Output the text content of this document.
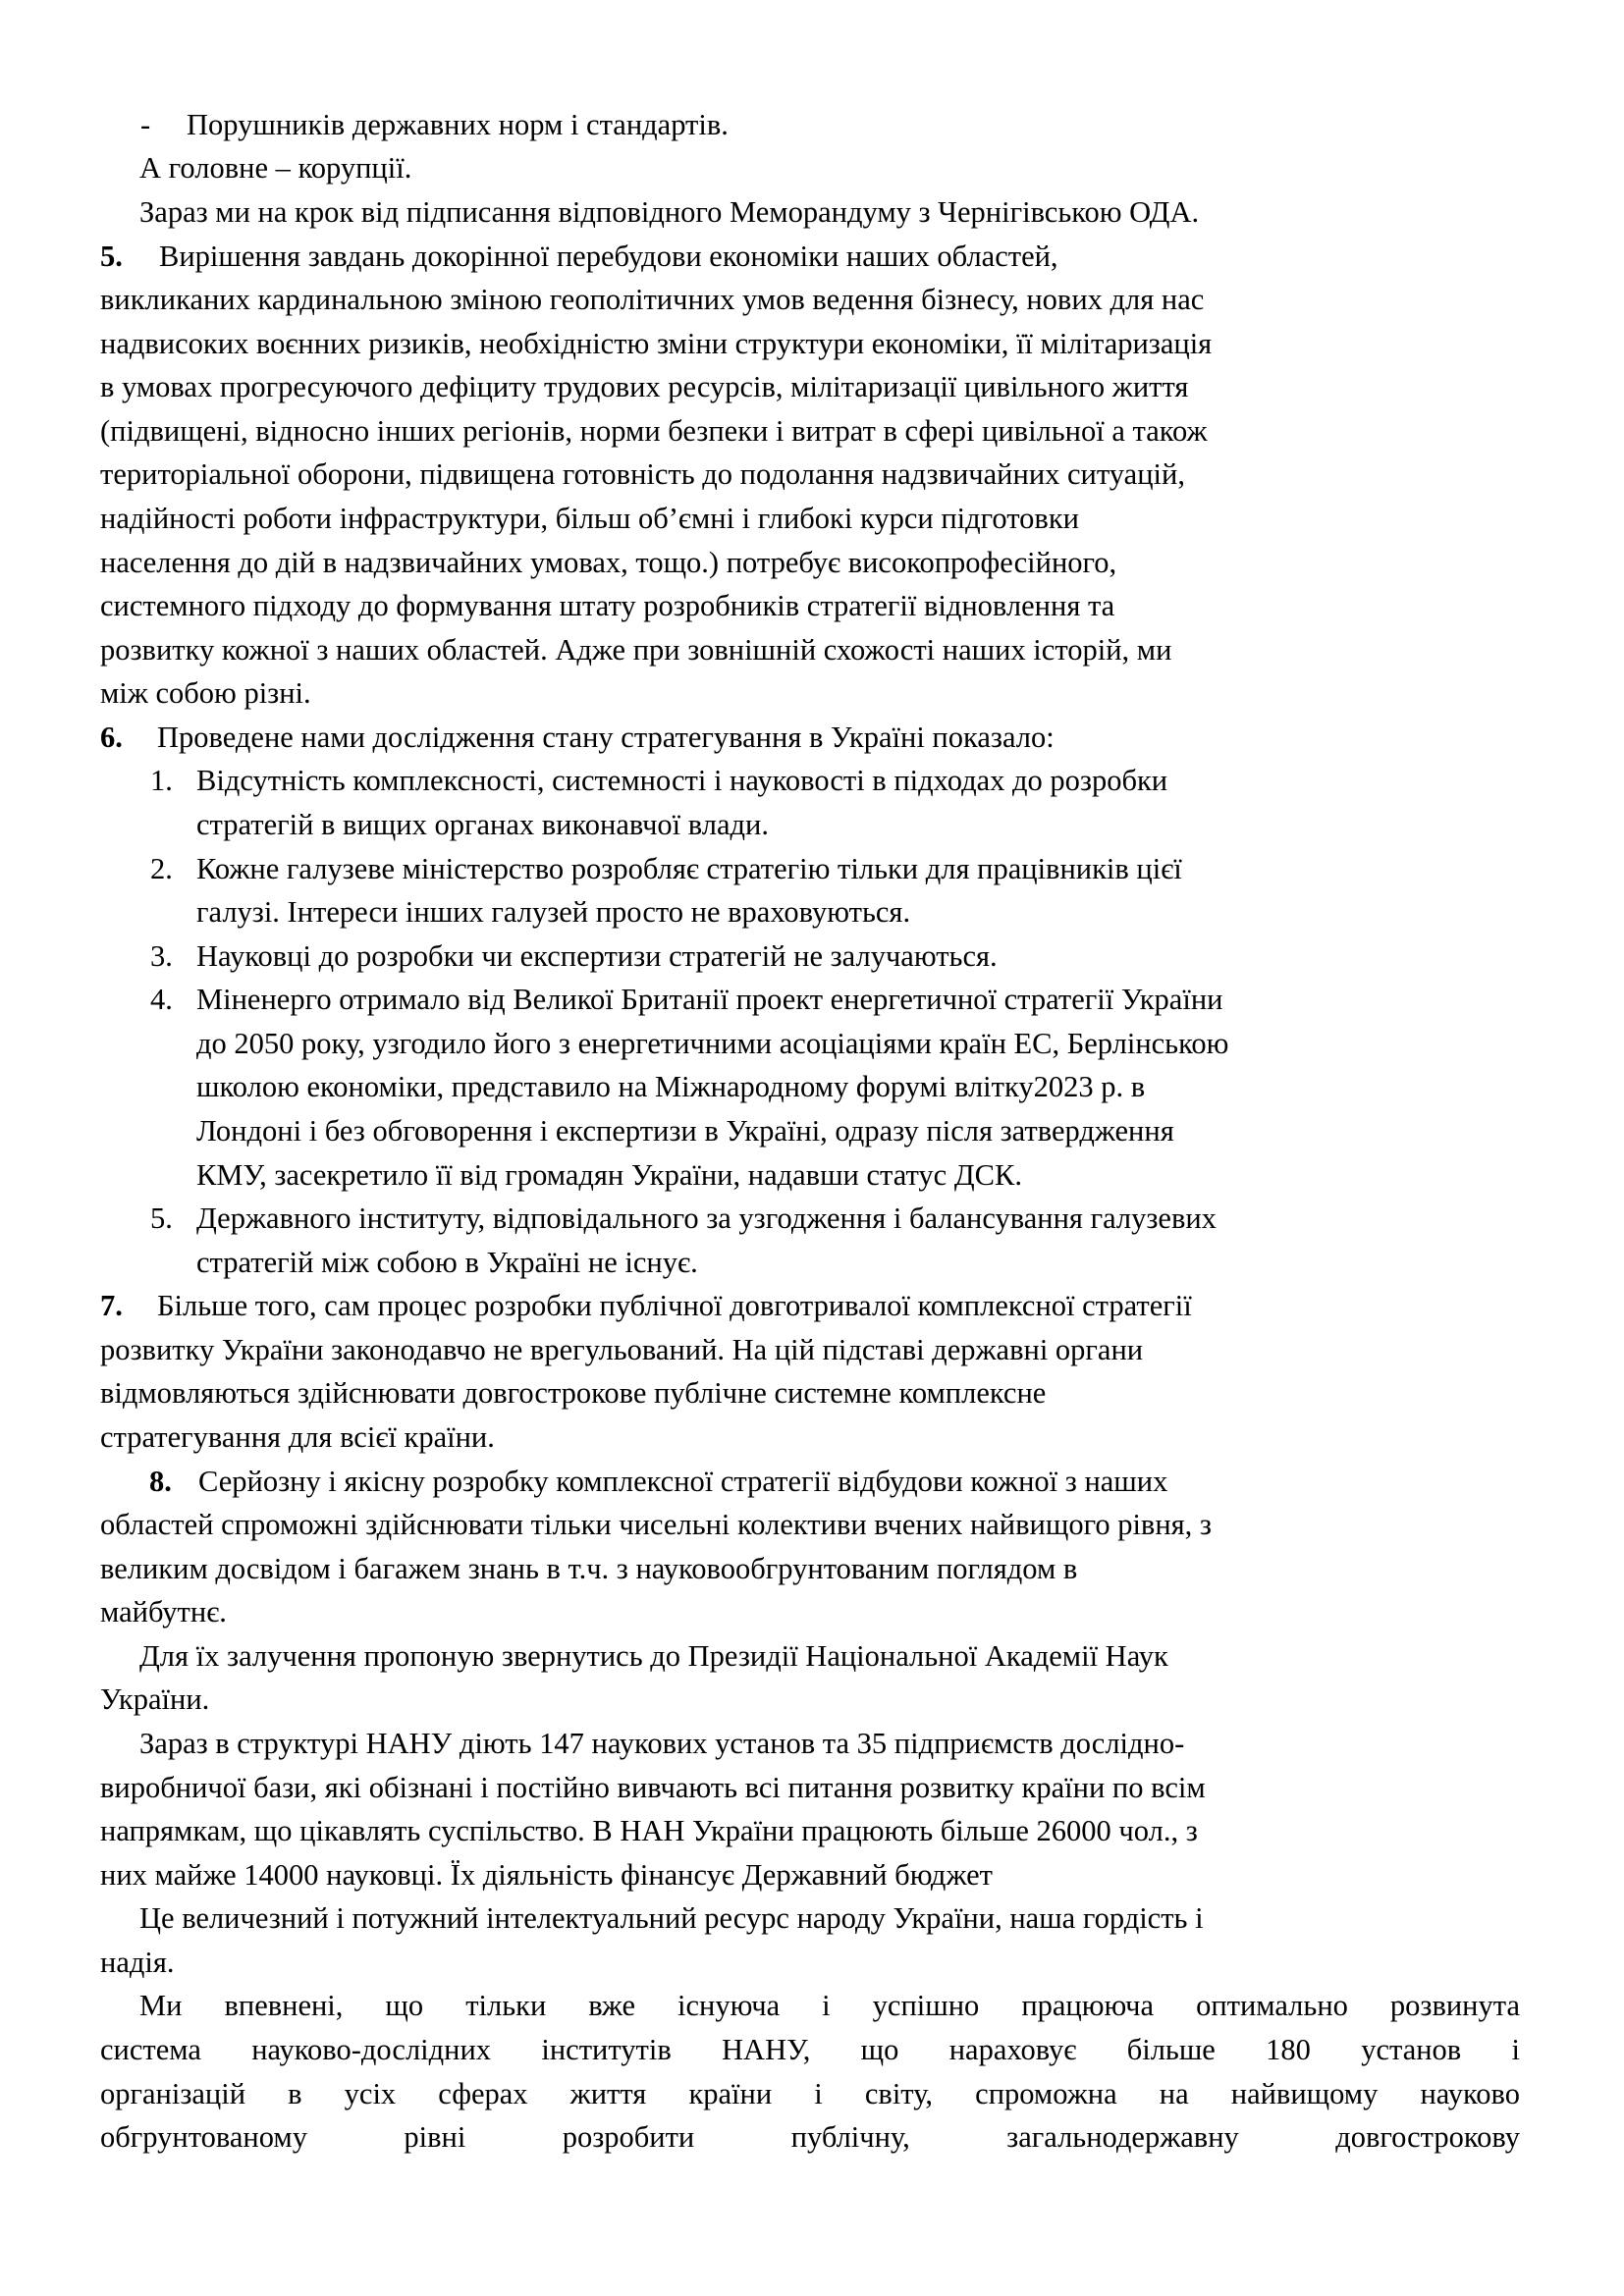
- Порушників державних норм і стандартів.
А головне – корупції.
Зараз ми на крок від підписання відповідного Меморандуму з Чернігівською ОДА.
5. Вирішення завдань докорінної перебудови економіки наших областей,
викликаних кардинальною зміною геополітичних умов ведення бізнесу, нових для нас
надвисоких воєнних ризиків, необхідністю зміни структури економіки, її мілітаризація
в умовах прогресуючого дефіциту трудових ресурсів, мілітаризації цивільного життя
(підвищені, відносно інших регіонів, норми безпеки і витрат в сфері цивільної а також
територіальної оборони, підвищена готовність до подолання надзвичайних ситуацій,
надійності роботи інфраструктури, більш об’ємні і глибокі курси підготовки
населення до дій в надзвичайних умовах, тощо.) потребує високопрофесійного,
системного підходу до формування штату розробників стратегії відновлення та
розвитку кожної з наших областей. Адже при зовнішній схожості наших історій, ми
між собою різні.
6. Проведене нами дослідження стану стратегування в Україні показало:
1. Відсутність комплексності, системності і науковості в підходах до розробки
стратегій в вищих органах виконавчої влади.
2. Кожне галузеве міністерство розробляє стратегію тільки для працівників цієї
галузі. Інтереси інших галузей просто не враховуються.
3. Науковці до розробки чи експертизи стратегій не залучаються.
4. Міненерго отримало від Великої Британії проект енергетичної стратегії України
до 2050 року, узгодило його з енергетичними асоціаціями країн ЕС, Берлінською
школою економіки, представило на Міжнародному форумі влітку2023 р. в
Лондоні і без обговорення і експертизи в Україні, одразу після затвердження
КМУ, засекретило її від громадян України, надавши статус ДСК.
5. Державного інституту, відповідального за узгодження і балансування галузевих
стратегій між собою в Україні не існує.
7. Більше того, сам процес розробки публічної довготривалої комплексної стратегії
розвитку України законодавчо не врегульований. На цій підставі державні органи
відмовляються здійснювати довгострокове публічне системне комплексне
стратегування для всієї країни.
8. Серйозну і якісну розробку комплексної стратегії відбудови кожної з наших
областей спроможні здійснювати тільки чисельні колективи вчених найвищого рівня, з
великим досвідом і багажем знань в т.ч. з науковообгрунтованим поглядом в
майбутнє.
Для їх залучення пропоную звернутись до Президії Національної Академії Наук
України.
Зараз в структурі НАНУ діють 147 наукових установ та 35 підприємств дослідно-
виробничої бази, які обізнані і постійно вивчають всі питання розвитку країни по всім
напрямкам, що цікавлять суспільство. В НАН України працюють більше 26000 чол., з
них майже 14000 науковці. Їх діяльність фінансує Державний бюджет
Це величезний і потужний інтелектуальний ресурс народу України, наша гордість і
надія.
Ми впевнені, що тільки вже існуюча і успішно працююча оптимально розвинута
система науково-дослідних інститутів НАНУ, що нараховує більше 180 установ і
організацій в усіх сферах життя країни і світу, спроможна на найвищому науково
обгрунтованому рівні розробити публічну, загальнодержавну довгострокову
